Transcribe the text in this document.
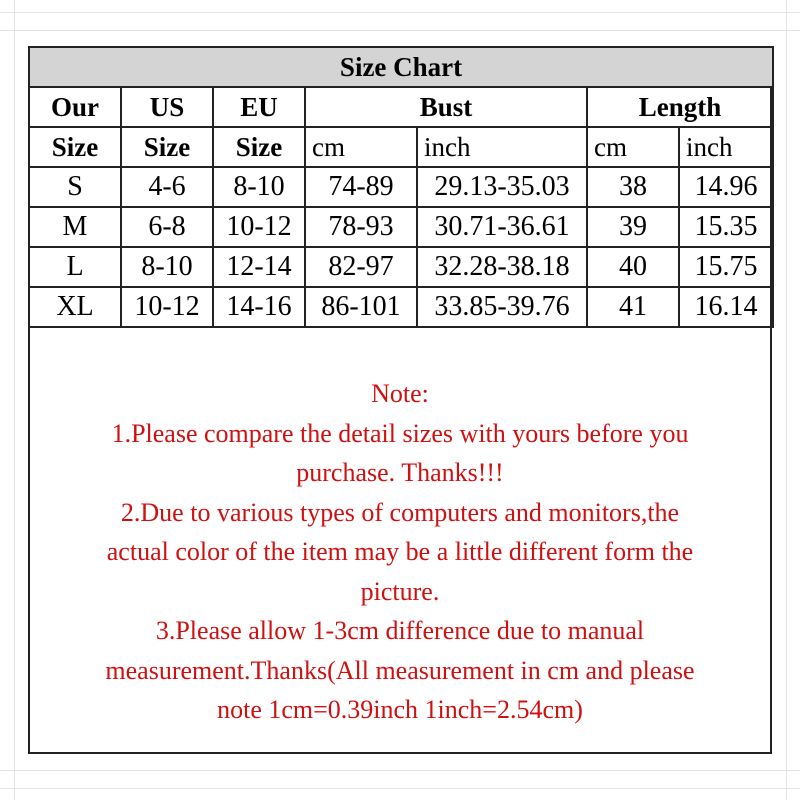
Size Chart						
Our	US	EU	Bust		Length	
Size	Size	Size	cm	inch	cm	inch
S	4-6	8-10	74-89	29.13-35.03	38	14.96
M	6-8	10-12	78-93	30.71-36.61	39	15.35
L	8-10	12-14	82-97	32.28-38.18	40	15.75
XL	10-12	14-16	86-101	33.85-39.76	41	16.14

Note:

1.Please compare the detail sizes with yours before you

purchase. Thanks!!!

2.Due to various types of computers and monitors,the

actual color of the item may be a little different form the

picture.

3.Please allow 1-3cm difference due to manual

measurement.Thanks(All measurement in cm and please

note 1cm=0.39inch 1inch=2.54cm)
